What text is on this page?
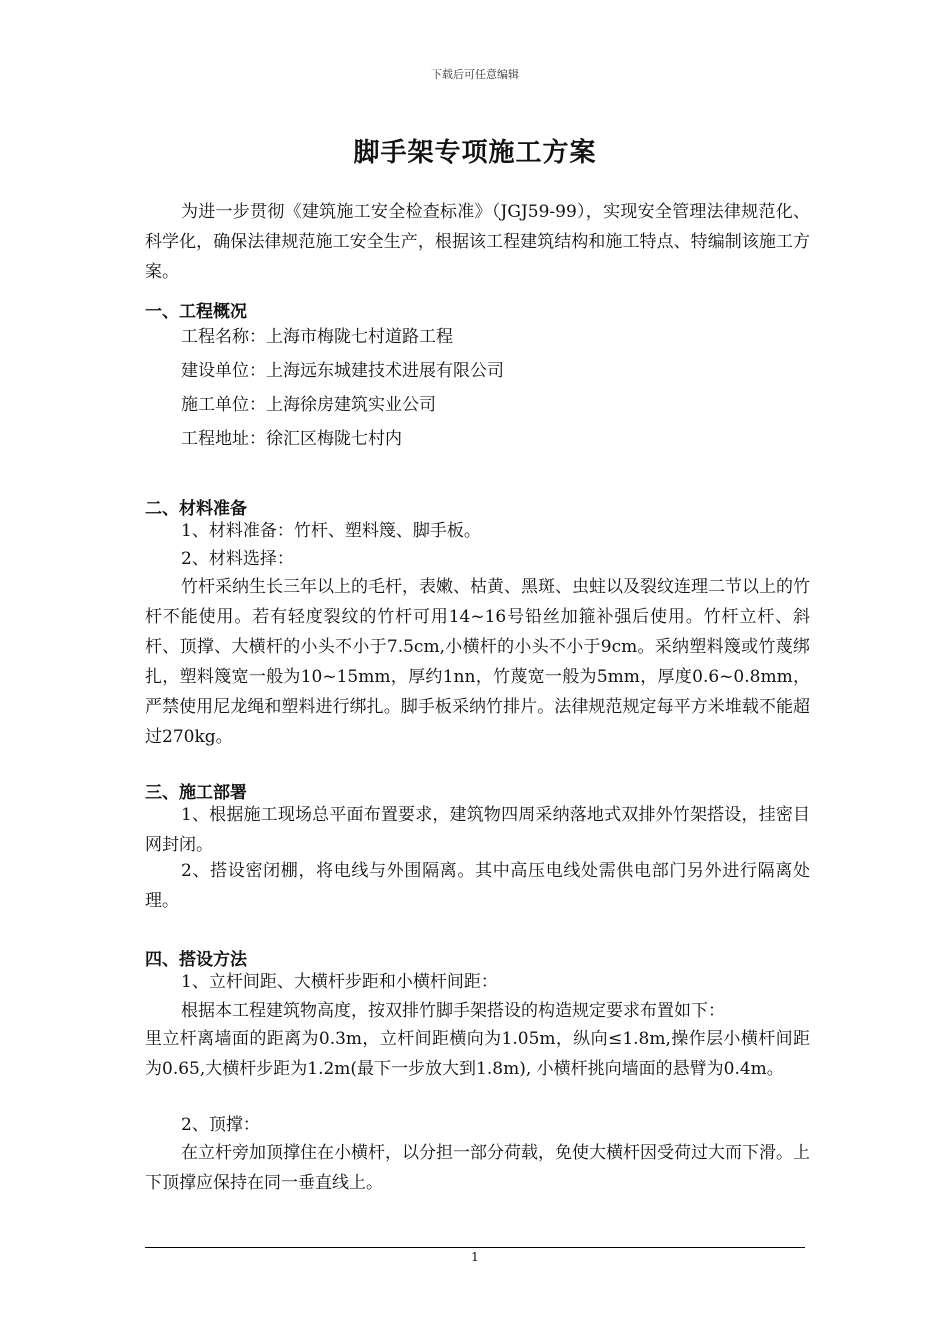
下载后可任意编辑
脚手架专项施工方案

为进一步贯彻《建筑施工安全检查标准》（JGJ59-99），实现安全管理法律规范化、科学化，确保法律规范施工安全生产，根据该工程建筑结构和施工特点、特编制该施工方案。

一、工程概况
工程名称：上海市梅陇七村道路工程
建设单位：上海远东城建技术进展有限公司
施工单位：上海徐房建筑实业公司
工程地址：徐汇区梅陇七村内
二、材料准备
1、材料准备：竹杆、塑料篾、脚手板。
2、材料选择：

竹杆采纳生长三年以上的毛杆，表嫩、枯黄、黑斑、虫蛀以及裂纹连理二节以上的竹杆不能使用。若有轻度裂纹的竹杆可用14~16号铅丝加箍补强后使用。竹杆立杆、斜杆、顶撑、大横杆的小头不小于7.5cm,小横杆的小头不小于9cm。采纳塑料篾或竹蔑绑扎，塑料篾宽一般为10~15mm，厚约1nn，竹蔑宽一般为5mm，厚度0.6~0.8mm，严禁使用尼龙绳和塑料进行绑扎。脚手板采纳竹排片。法律规范规定每平方米堆载不能超过270kg。

三、施工部署

1、根据施工现场总平面布置要求，建筑物四周采纳落地式双排外竹架搭设，挂密目网封闭。

2、搭设密闭棚，将电线与外围隔离。其中高压电线处需供电部门另外进行隔离处理。

四、搭设方法
1、立杆间距、大横杆步距和小横杆间距：
根据本工程建筑物高度，按双排竹脚手架搭设的构造规定要求布置如下：

里立杆离墙面的距离为0.3m，立杆间距横向为1.05m，纵向≤1.8m,操作层小横杆间距为0.65,大横杆步距为1.2m(最下一步放大到1.8m), 小横杆挑向墙面的悬臂为0.4m。

2、顶撑：

在立杆旁加顶撑住在小横杆，以分担一部分荷载，免使大横杆因受荷过大而下滑。上下顶撑应保持在同一垂直线上。

1
